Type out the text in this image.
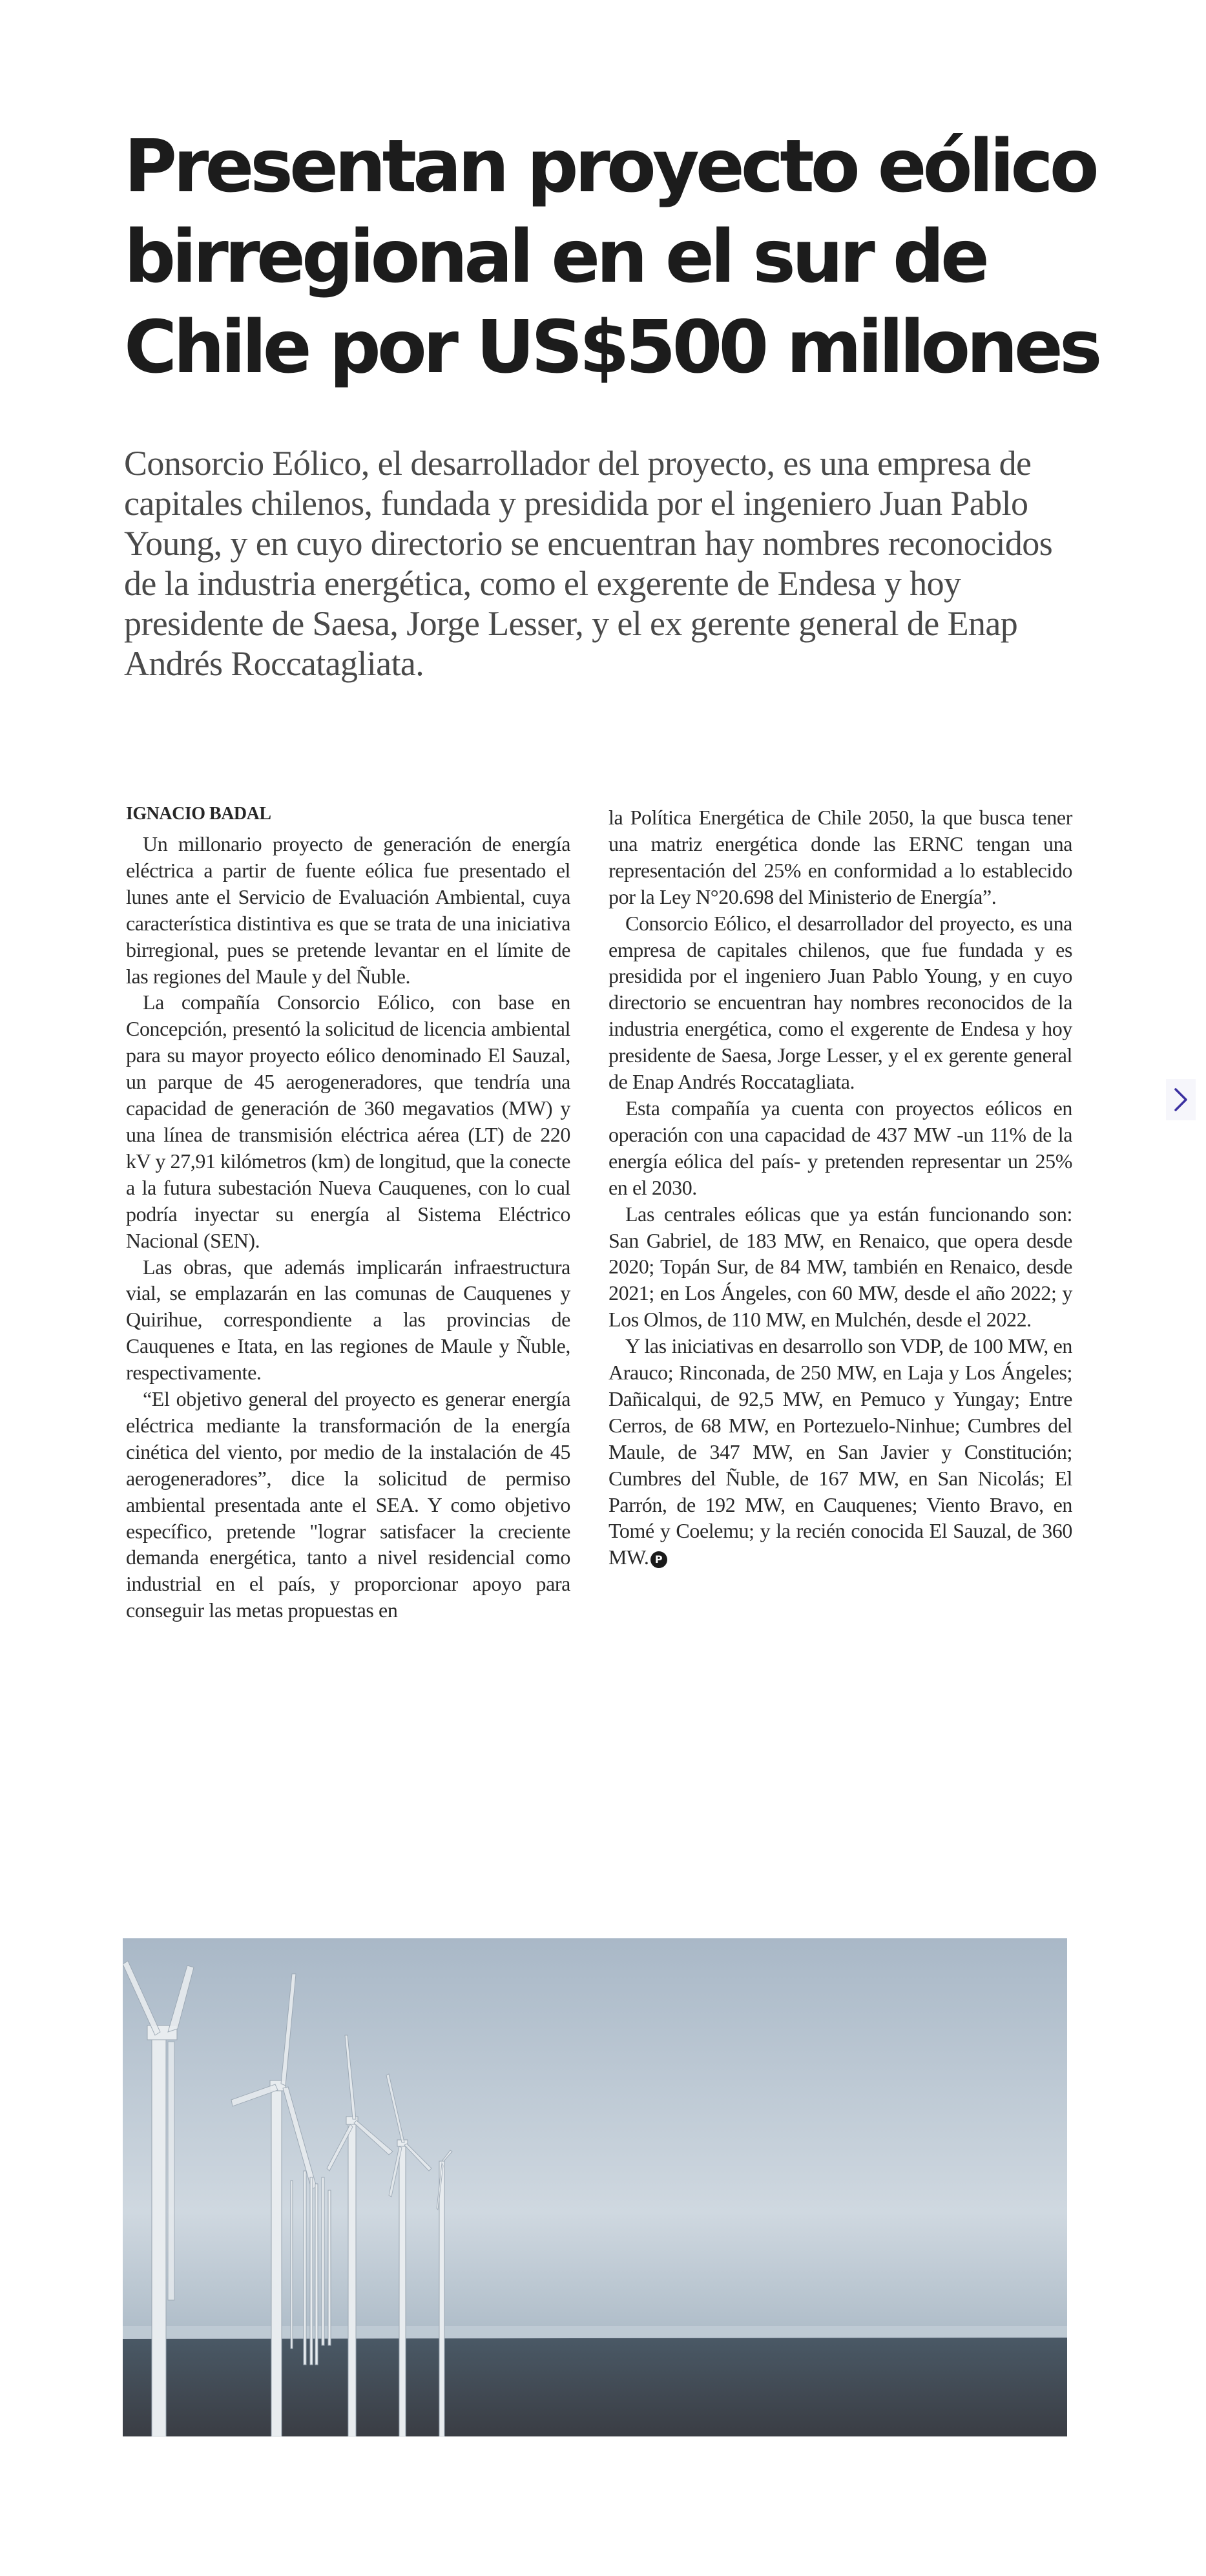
Presentan proyecto eólico
birregional en el sur de
Chile por US$500 millones

Consorcio Eólico, el desarrollador del proyecto, es una empresa de capitales chilenos, fundada y presidida por el ingeniero Juan Pablo Young, y en cuyo directorio se encuentran hay nombres reconocidos de la industria energética, como el exgerente de Endesa y hoy presidente de Saesa, Jorge Lesser, y el ex gerente general de Enap Andrés Roccatagliata.

IGNACIO BADAL

Un millonario proyecto de generación de energía eléctrica a partir de fuente eólica fue presentado el lunes ante el Servicio de Evaluación Ambiental, cuya característica distintiva es que se trata de una iniciativa birregional, pues se pretende levantar en el límite de las regiones del Maule y del Ñuble.

La compañía Consorcio Eólico, con base en Concepción, presentó la solicitud de licencia ambiental para su mayor proyecto eólico denominado El Sauzal, un parque de 45 aerogeneradores, que tendría una capacidad de generación de 360 megavatios (MW) y una línea de transmisión eléctrica aérea (LT) de 220 kV y 27,91 kilómetros (km) de longitud, que la conecte a la futura subestación Nueva Cauquenes, con lo cual podría inyectar su energía al Sistema Eléctrico Nacional (SEN).

Las obras, que además implicarán infraestructura vial, se emplazarán en las comunas de Cauquenes y Quirihue, correspondiente a las provincias de Cauquenes e Itata, en las regiones de Maule y Ñuble, respectivamente.

“El objetivo general del proyecto es generar energía eléctrica mediante la transformación de la energía cinética del viento, por medio de la instalación de 45 aerogeneradores”, dice la solicitud de permiso ambiental presentada ante el SEA. Y como objetivo específico, pretende "lograr satisfacer la creciente demanda energética, tanto a nivel residencial como industrial en el país, y proporcionar apoyo para conseguir las metas propuestas en

la Política Energética de Chile 2050, la que busca tener una matriz energética donde las ERNC tengan una representación del 25% en conformidad a lo establecido por la Ley N°20.698 del Ministerio de Energía”.

Consorcio Eólico, el desarrollador del proyecto, es una empresa de capitales chilenos, que fue fundada y es presidida por el ingeniero Juan Pablo Young, y en cuyo directorio se encuentran hay nombres reconocidos de la industria energética, como el exgerente de Endesa y hoy presidente de Saesa, Jorge Lesser, y el ex gerente general de Enap Andrés Roccatagliata.

Esta compañía ya cuenta con proyectos eólicos en operación con una capacidad de 437 MW -un 11% de la energía eólica del país- y pretenden representar un 25% en el 2030.

Las centrales eólicas que ya están funcionando son: San Gabriel, de 183 MW, en Renaico, que opera desde 2020; Topán Sur, de 84 MW, también en Renaico, desde 2021; en Los Ángeles, con 60 MW, desde el año 2022; y Los Olmos, de 110 MW, en Mulchén, desde el 2022.

Y las iniciativas en desarrollo son VDP, de 100 MW, en Arauco; Rinconada, de 250 MW, en Laja y Los Ángeles; Dañicalqui, de 92,5 MW, en Pemuco y Yungay; Entre Cerros, de 68 MW, en Portezuelo-Ninhue; Cumbres del Maule, de 347 MW, en San Javier y Constitución; Cumbres del Ñuble, de 167 MW, en San Nicolás; El Parrón, de 192 MW, en Cauquenes; Viento Bravo, en Tomé y Coelemu; y la recién conocida El Sauzal, de 360 MW. P
